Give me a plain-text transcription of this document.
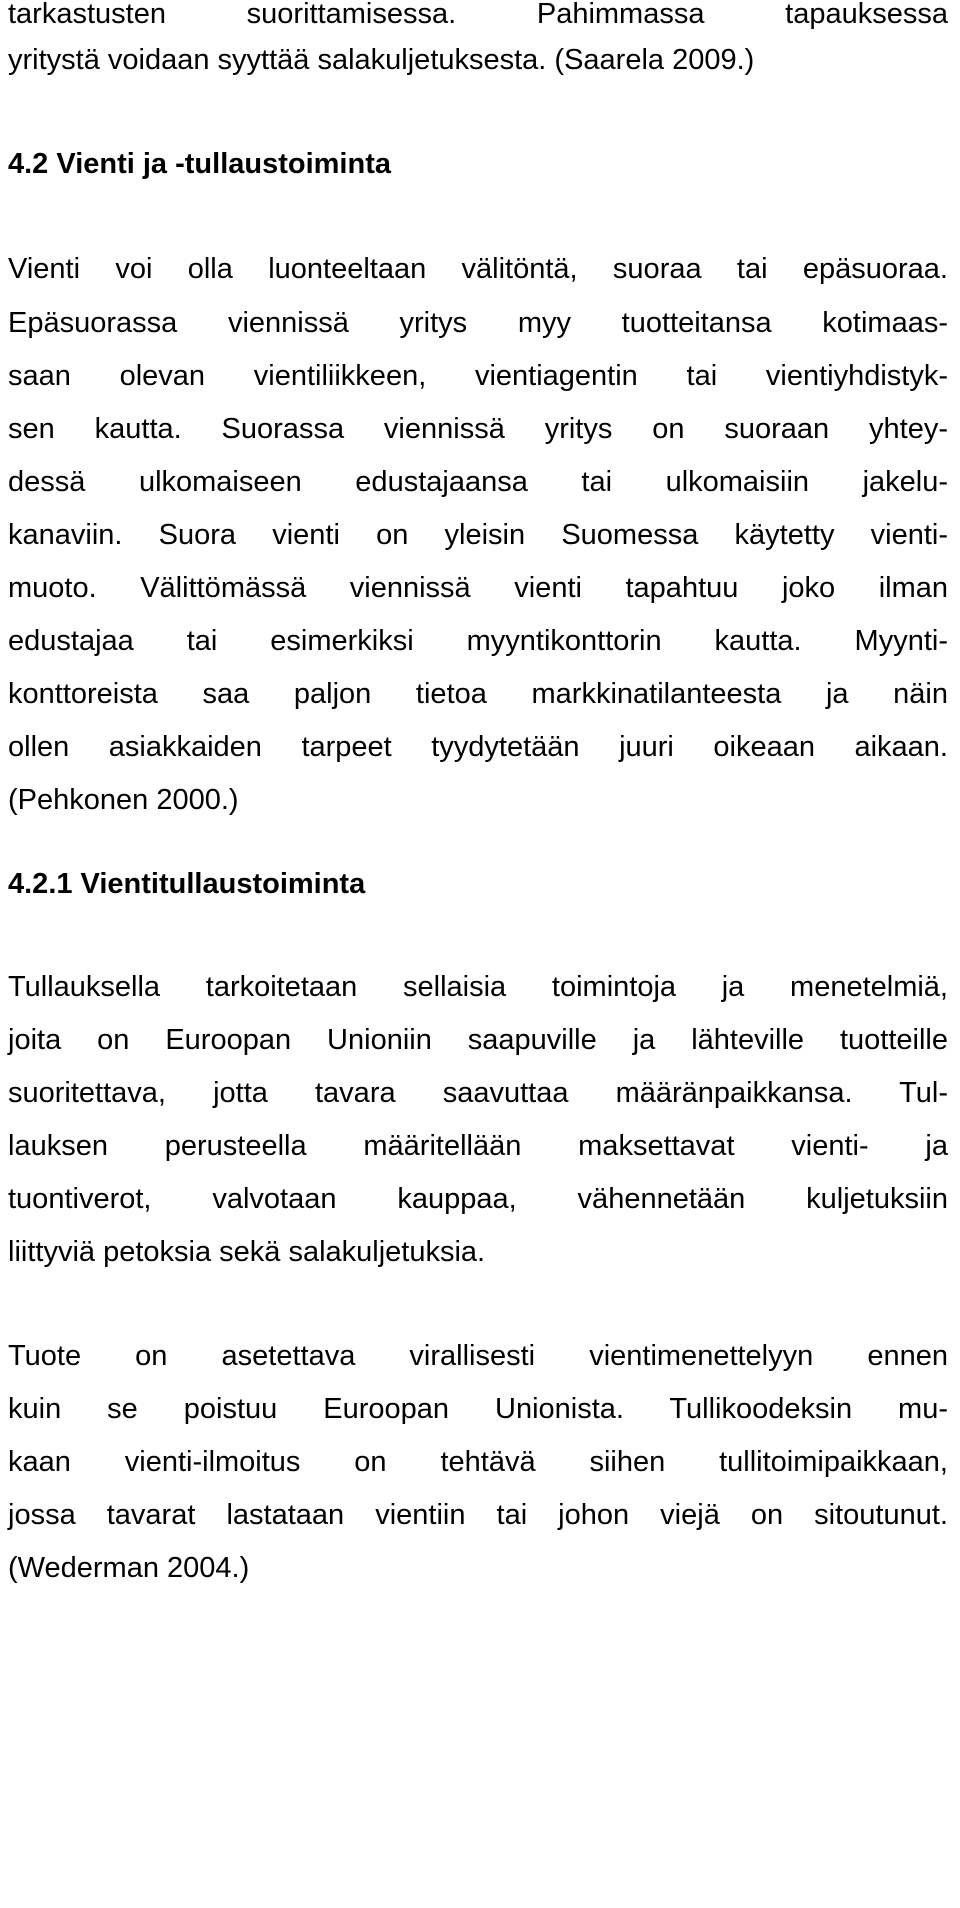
tarkastusten suorittamisessa. Pahimmassa tapauksessa
yritystä voidaan syyttää salakuljetuksesta. (Saarela 2009.)
4.2 Vienti ja -tullaustoiminta
Vienti voi olla luonteeltaan välitöntä, suoraa tai epäsuoraa.
Epäsuorassa viennissä yritys myy tuotteitansa kotimaas-
saan olevan vientiliikkeen, vientiagentin tai vientiyhdistyk-
sen kautta. Suorassa viennissä yritys on suoraan yhtey-
dessä ulkomaiseen edustajaansa tai ulkomaisiin jakelu-
kanaviin. Suora vienti on yleisin Suomessa käytetty vienti-
muoto. Välittömässä viennissä vienti tapahtuu joko ilman
edustajaa tai esimerkiksi myyntikonttorin kautta. Myynti-
konttoreista saa paljon tietoa markkinatilanteesta ja näin
ollen asiakkaiden tarpeet tyydytetään juuri oikeaan aikaan.
(Pehkonen 2000.)
4.2.1 Vientitullaustoiminta
Tullauksella tarkoitetaan sellaisia toimintoja ja menetelmiä,
joita on Euroopan Unioniin saapuville ja lähteville tuotteille
suoritettava, jotta tavara saavuttaa määränpaikkansa. Tul-
lauksen perusteella määritellään maksettavat vienti- ja
tuontiverot, valvotaan kauppaa, vähennetään kuljetuksiin
liittyviä petoksia sekä salakuljetuksia.
Tuote on asetettava virallisesti vientimenettelyyn ennen
kuin se poistuu Euroopan Unionista. Tullikoodeksin mu-
kaan vienti-ilmoitus on tehtävä siihen tullitoimipaikkaan,
jossa tavarat lastataan vientiin tai johon viejä on sitoutunut.
(Wederman 2004.)
